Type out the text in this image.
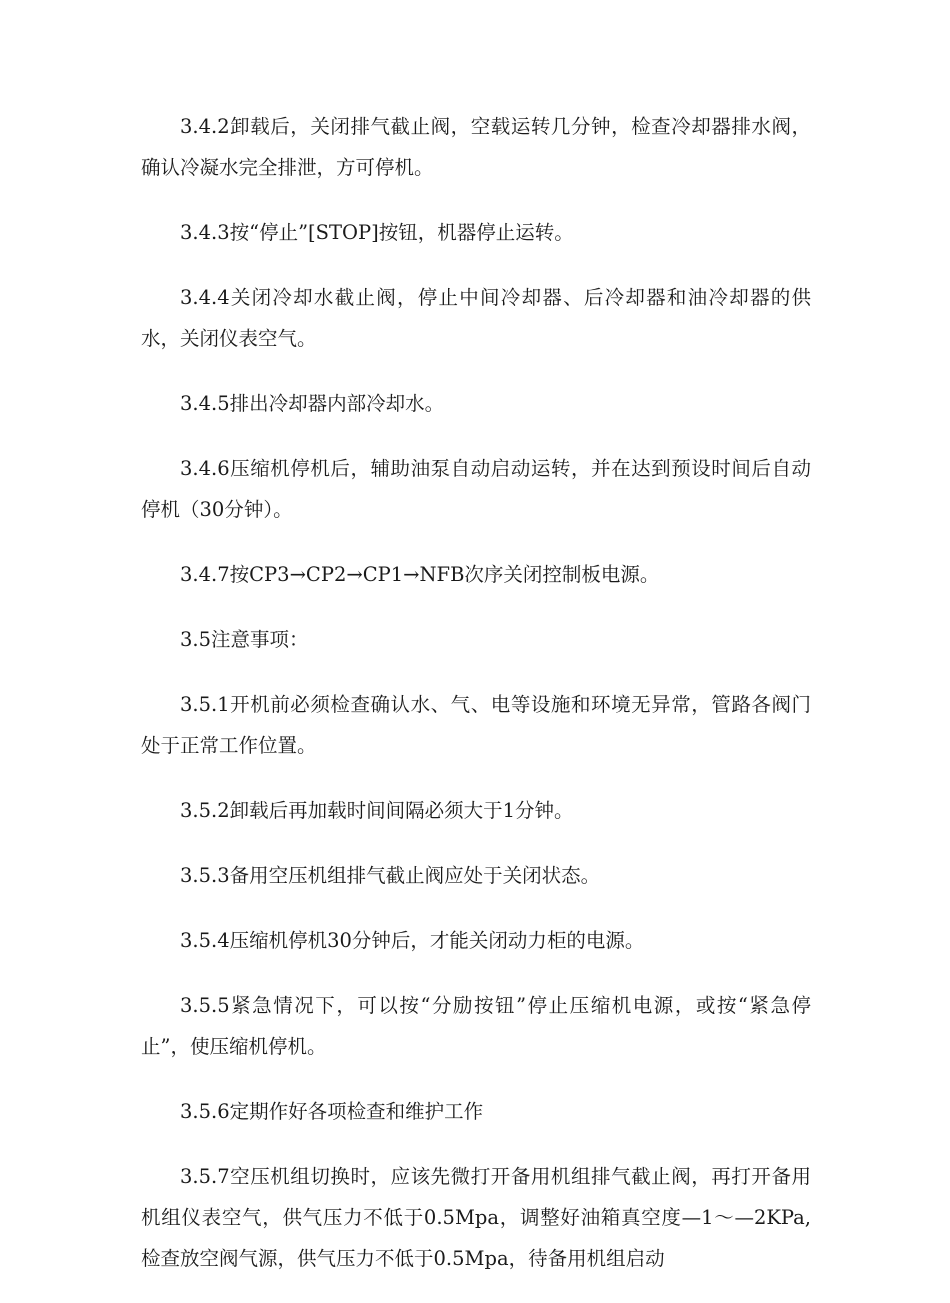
3.4.2卸载后，关闭排气截止阀，空载运转几分钟，检查冷却器排水阀，确认冷凝水完全排泄，方可停机。

3.4.3按“停止”[STOP]按钮，机器停止运转。

3.4.4关闭冷却水截止阀，停止中间冷却器、后冷却器和油冷却器的供水，关闭仪表空气。

3.4.5排出冷却器内部冷却水。

3.4.6压缩机停机后，辅助油泵自动启动运转，并在达到预设时间后自动停机（30分钟）。

3.4.7按CP3→CP2→CP1→NFB次序关闭控制板电源。

3.5注意事项：

3.5.1开机前必须检查确认水、气、电等设施和环境无异常，管路各阀门处于正常工作位置。

3.5.2卸载后再加载时间间隔必须大于1分钟。

3.5.3备用空压机组排气截止阀应处于关闭状态。

3.5.4压缩机停机30分钟后，才能关闭动力柜的电源。

3.5.5紧急情况下，可以按“分励按钮”停止压缩机电源，或按“紧急停止”，使压缩机停机。

3.5.6定期作好各项检查和维护工作

3.5.7空压机组切换时，应该先微打开备用机组排气截止阀，再打开备用机组仪表空气，供气压力不低于0.5Mpa，调整好油箱真空度—1～—2KPa,检查放空阀气源，供气压力不低于0.5Mpa，待备用机组启动
